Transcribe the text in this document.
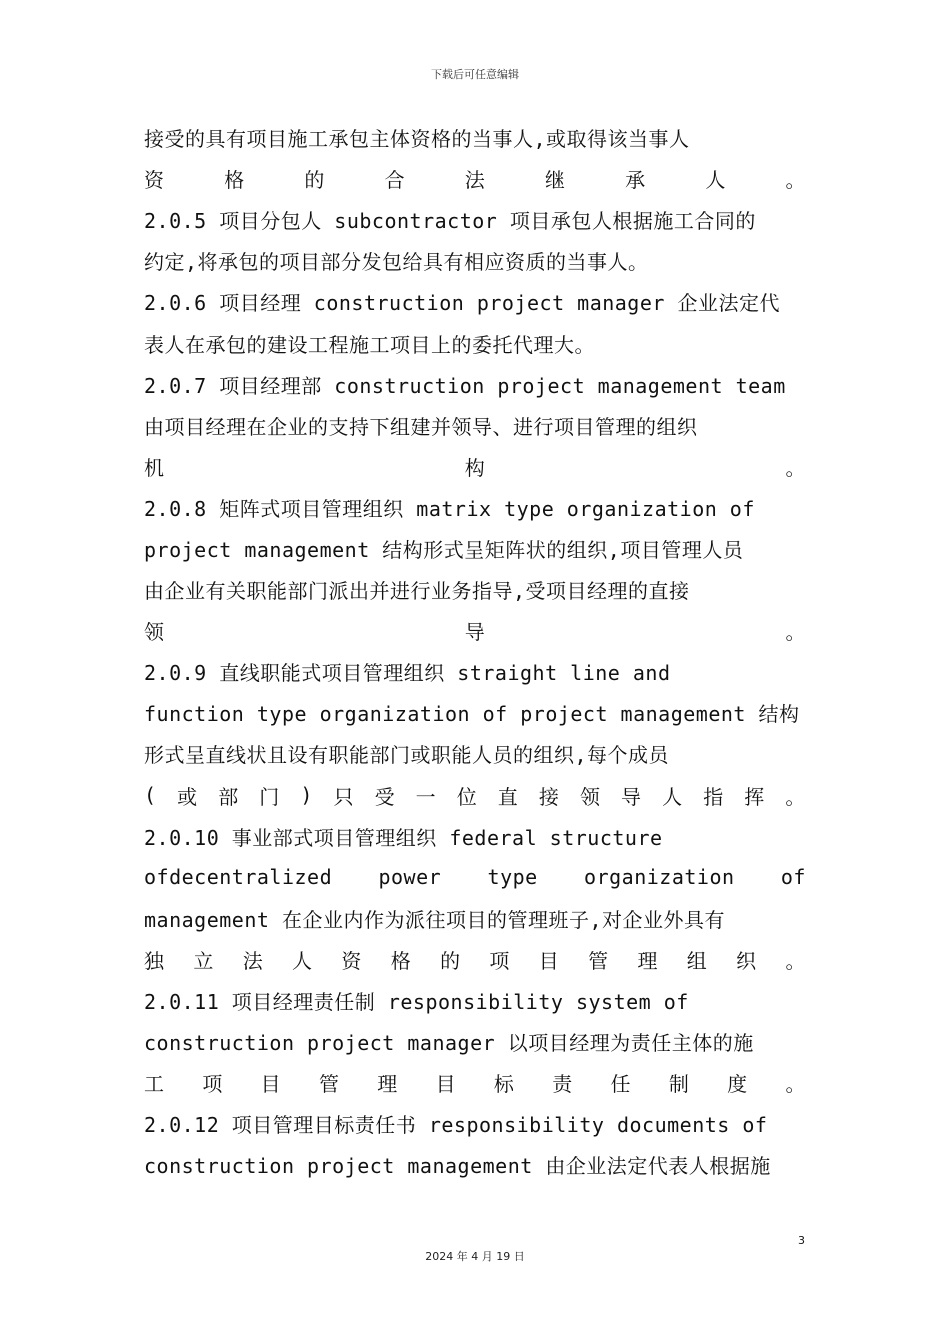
下载后可任意编辑
接受的具有项目施工承包主体资格的当事人,或取得该当事人
资	格	的	合	法	继	承	人	。
2.0.5 项目分包人 subcontractor 项目承包人根据施工合同的
约定,将承包的项目部分发包给具有相应资质的当事人。
2.0.6 项目经理 construction project manager 企业法定代
表人在承包的建设工程施工项目上的委托代理大。
2.0.7 项目经理部 construction project management team
由项目经理在企业的支持下组建并领导、进行项目管理的组织
机	构	。
2.0.8 矩阵式项目管理组织 matrix type organization of
project management 结构形式呈矩阵状的组织,项目管理人员
由企业有关职能部门派出并进行业务指导,受项目经理的直接
领	导	。
2.0.9 直线职能式项目管理组织 straight line and
function type organization of project management 结构
形式呈直线状且设有职能部门或职能人员的组织,每个成员
( 或 部 门 ) 只 受 一 位 直 接 领 导 人 指 挥 。
2.0.10 事业部式项目管理组织 federal structure
ofdecentralized power type organization of
management 在企业内作为派往项目的管理班子,对企业外具有
独 立 法 人 资 格 的 项 目 管 理 组 织 。
2.0.11 项目经理责任制 responsibility system of
construction project manager 以项目经理为责任主体的施
工 项 目 管 理 目 标 责 任 制 度 。
2.0.12 项目管理目标责任书 responsibility documents of
construction project management 由企业法定代表人根据施
3
2024 年 4 月 19 日
